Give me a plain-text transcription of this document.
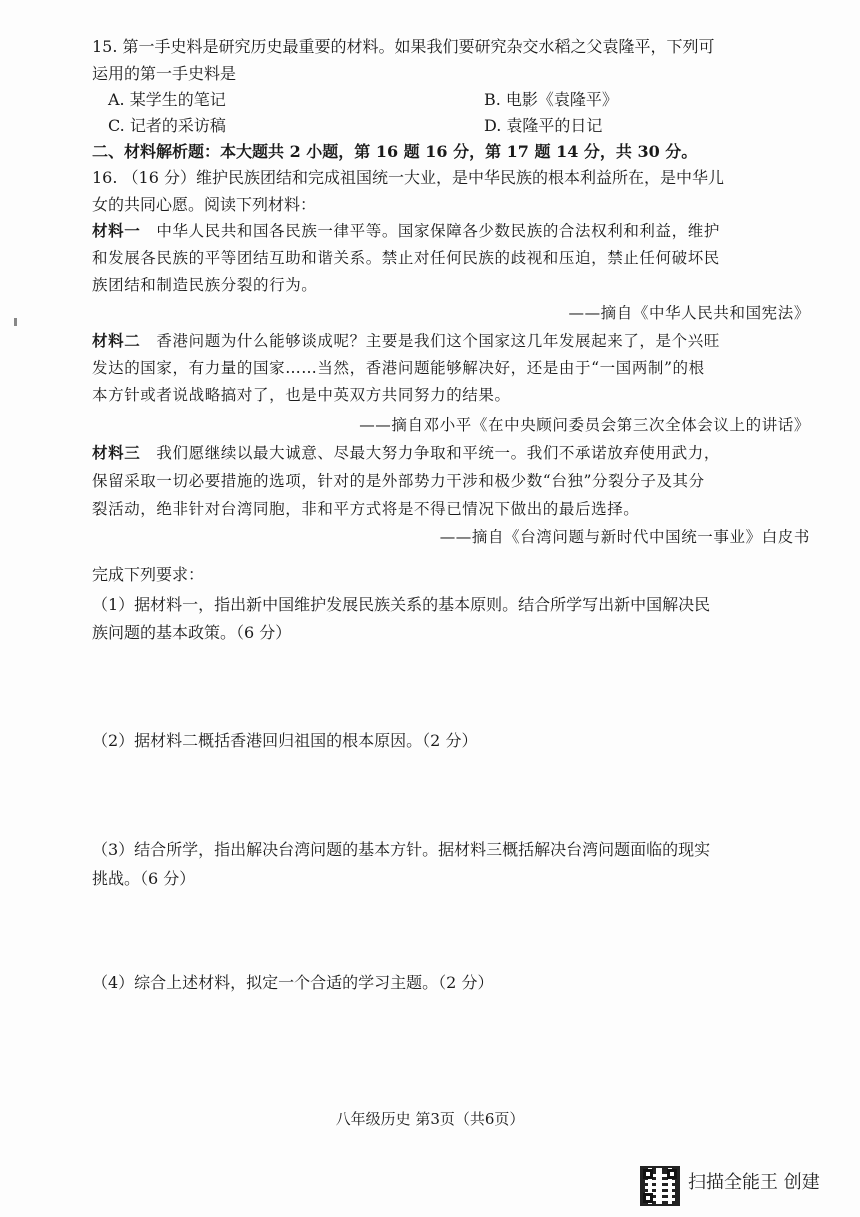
15. 第一手史料是研究历史最重要的材料。如果我们要研究杂交水稻之父袁隆平，下列可
运用的第一手史料是
A. 某学生的笔记	B. 电影《袁隆平》
C. 记者的采访稿	D. 袁隆平的日记
二、材料解析题：本大题共 2 小题，第 16 题 16 分，第 17 题 14 分，共 30 分。
16. （16 分）维护民族团结和完成祖国统一大业，是中华民族的根本利益所在，是中华儿
女的共同心愿。阅读下列材料：
材料一　中华人民共和国各民族一律平等。国家保障各少数民族的合法权利和利益，维护
和发展各民族的平等团结互助和谐关系。禁止对任何民族的歧视和压迫，禁止任何破坏民
族团结和制造民族分裂的行为。
——摘自《中华人民共和国宪法》
材料二　香港问题为什么能够谈成呢？主要是我们这个国家这几年发展起来了，是个兴旺
发达的国家，有力量的国家……当然，香港问题能够解决好，还是由于“一国两制”的根
本方针或者说战略搞对了，也是中英双方共同努力的结果。
——摘自邓小平《在中央顾问委员会第三次全体会议上的讲话》
材料三　我们愿继续以最大诚意、尽最大努力争取和平统一。我们不承诺放弃使用武力，
保留采取一切必要措施的选项，针对的是外部势力干涉和极少数“台独”分裂分子及其分
裂活动，绝非针对台湾同胞，非和平方式将是不得已情况下做出的最后选择。
——摘自《台湾问题与新时代中国统一事业》白皮书
完成下列要求：
（1）据材料一，指出新中国维护发展民族关系的基本原则。结合所学写出新中国解决民
族问题的基本政策。（6 分）
（2）据材料二概括香港回归祖国的根本原因。（2 分）
（3）结合所学，指出解决台湾问题的基本方针。据材料三概括解决台湾问题面临的现实
挑战。（6 分）
（4）综合上述材料，拟定一个合适的学习主题。（2 分）
八年级历史 第3页（共6页）
扫描全能王 创建
